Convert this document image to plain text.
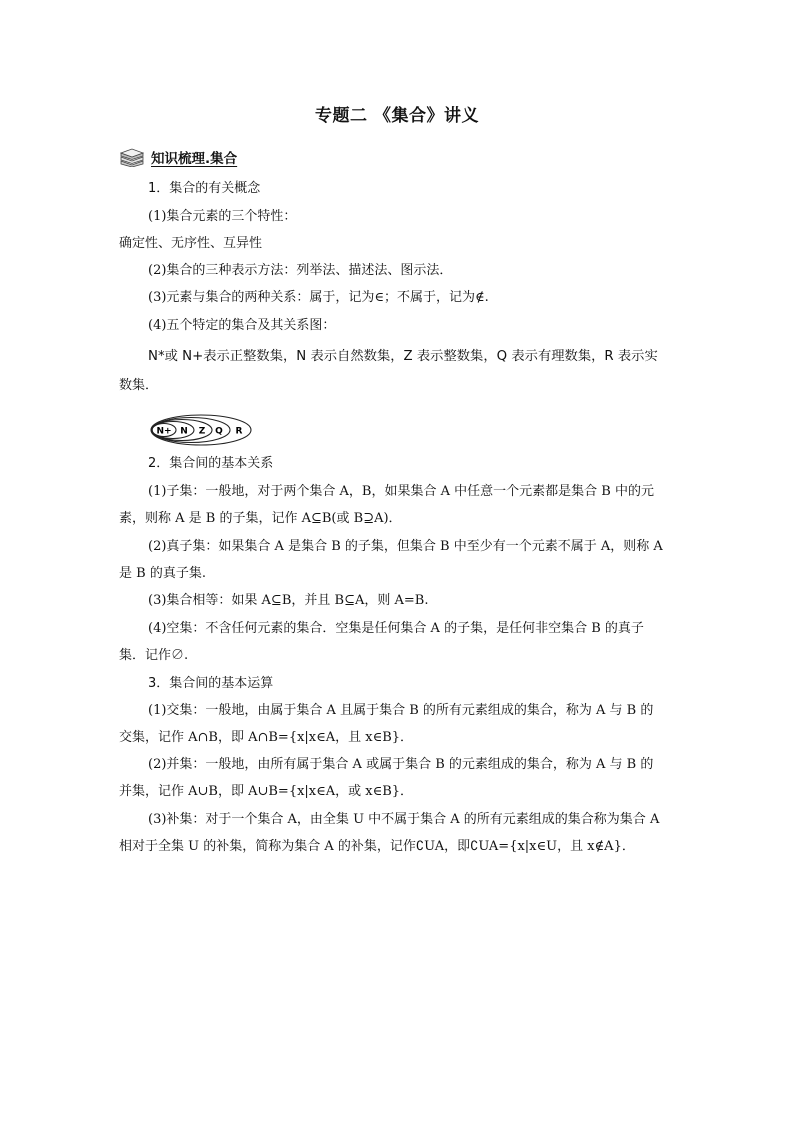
专题二 《集合》讲义
知识梳理.集合
1．集合的有关概念
(1)集合元素的三个特性：
确定性、无序性、互异性
(2)集合的三种表示方法：列举法、描述法、图示法．
(3)元素与集合的两种关系：属于，记为∈；不属于，记为∉.
(4)五个特定的集合及其关系图：
N*或 N+表示正整数集，N 表示自然数集，Z 表示整数集，Q 表示有理数集，R 表示实
数集．
N+ N Z Q R
2．集合间的基本关系
(1)子集：一般地，对于两个集合 A，B，如果集合 A 中任意一个元素都是集合 B 中的元
素，则称 A 是 B 的子集，记作 A⊆B(或 B⊇A)．
(2)真子集：如果集合 A 是集合 B 的子集，但集合 B 中至少有一个元素不属于 A，则称 A
是 B 的真子集.
(3)集合相等：如果 A⊆B，并且 B⊆A，则 A=B.
(4)空集：不含任何元素的集合．空集是任何集合 A 的子集，是任何非空集合 B 的真子
集．记作∅.
3．集合间的基本运算
(1)交集：一般地，由属于集合 A 且属于集合 B 的所有元素组成的集合，称为 A 与 B 的
交集，记作 A∩B，即 A∩B={x|x∈A，且 x∈B}．
(2)并集：一般地，由所有属于集合 A 或属于集合 B 的元素组成的集合，称为 A 与 B 的
并集，记作 A∪B，即 A∪B={x|x∈A，或 x∈B}．
(3)补集：对于一个集合 A，由全集 U 中不属于集合 A 的所有元素组成的集合称为集合 A
相对于全集 U 的补集，简称为集合 A 的补集，记作∁UA，即∁UA={x|x∈U，且 x∉A}．
